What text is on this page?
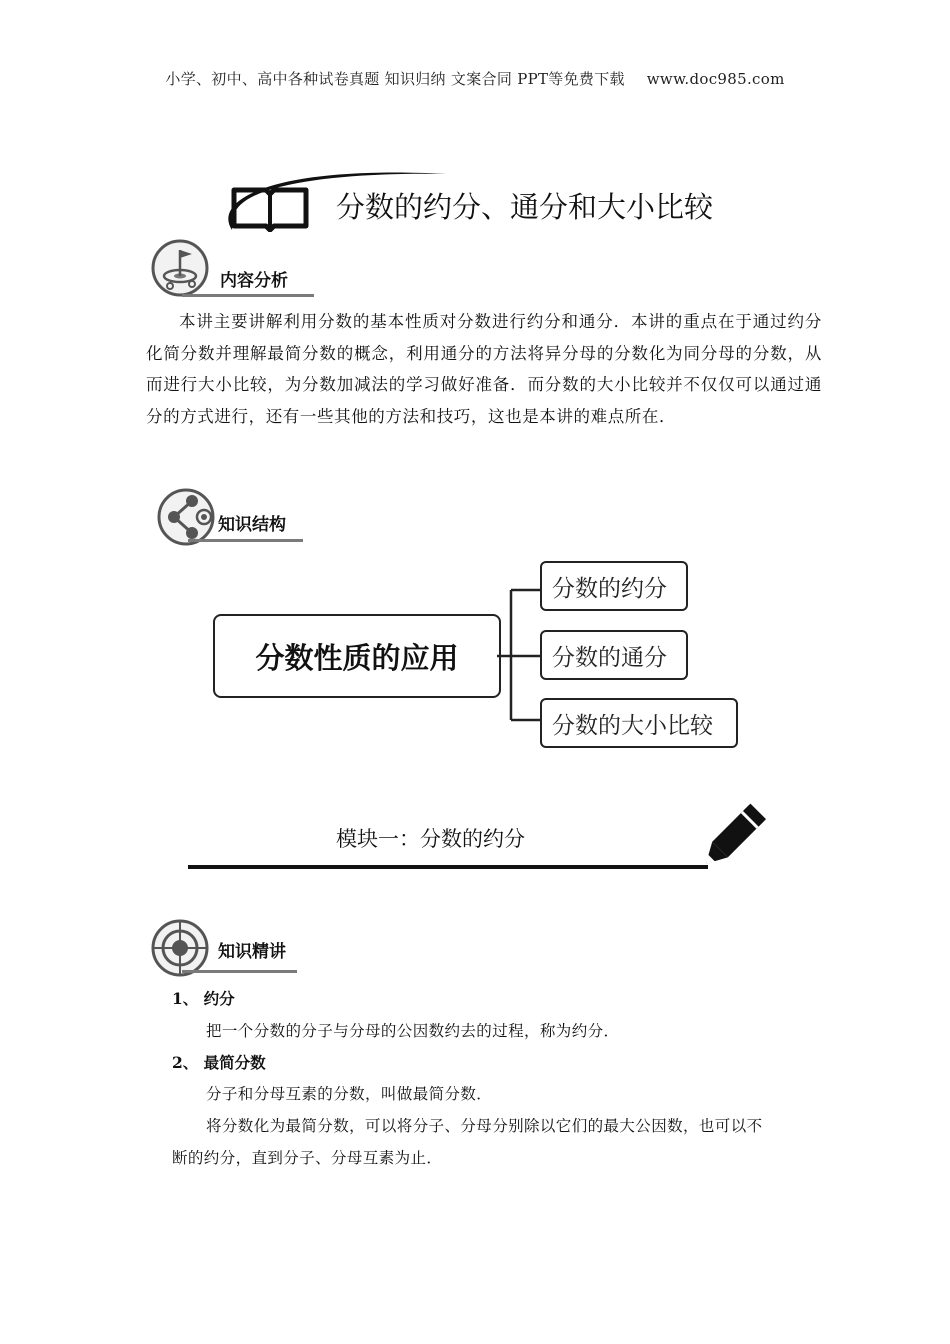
小学、初中、高中各种试卷真题 知识归纳 文案合同 PPT等免费下载 www.doc985.com
分数的约分、通分和大小比较
内容分析
本讲主要讲解利用分数的基本性质对分数进行约分和通分．本讲的重点在于通过约分化简分数并理解最简分数的概念，利用通分的方法将异分母的分数化为同分母的分数，从而进行大小比较，为分数加减法的学习做好准备．而分数的大小比较并不仅仅可以通过通分的方式进行，还有一些其他的方法和技巧，这也是本讲的难点所在．
知识结构
分数性质的应用
分数的约分
分数的通分
分数的大小比较
模块一：分数的约分
知识精讲
1、 约分
把一个分数的分子与分母的公因数约去的过程，称为约分．
2、 最简分数
分子和分母互素的分数，叫做最简分数．
将分数化为最简分数，可以将分子、分母分别除以它们的最大公因数，也可以不
断的约分，直到分子、分母互素为止．
